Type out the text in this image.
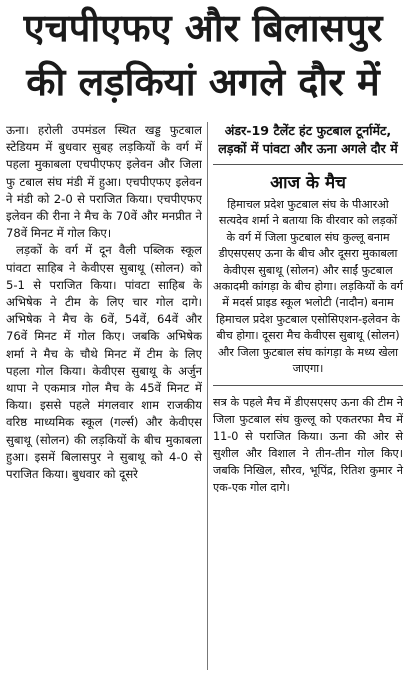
एचपीएफए और बिलासपुर
की लड़कियां अगले दौर में

ऊना। हरोली उपमंडल स्थित खड्ड फुटबाल स्टेडियम में बुधवार सुबह लड़कियों के वर्ग में पहला मुकाबला एचपीएफए इलेवन और जिला फु टबाल संघ मंडी में हुआ। एचपीएफए इलेवन ने मंडी को 2-0 से पराजित किया। एचपीएफए इलेवन की रीना ने मैच के 70वें और मनप्रीत ने 78वें मिनट में गोल किए।

लड़कों के वर्ग में दून वैली पब्लिक स्कूल पांवटा साहिब ने केवीएस सुबाथू (सोलन) को 5-1 से पराजित किया। पांवटा साहिब के अभिषेक ने टीम के लिए चार गोल दागे। अभिषेक ने मैच के 6वें, 54वें, 64वें और 76वें मिनट में गोल किए। जबकि अभिषेक शर्मा ने मैच के चौथे मिनट में टीम के लिए पहला गोल किया। केवीएस सुबाथू के अर्जुन थापा ने एकमात्र गोल मैच के 45वें मिनट में किया। इससे पहले मंगलवार शाम राजकीय वरिष्ठ माध्यमिक स्कूल (गर्ल्स) और केवीएस सुबाथू (सोलन) की लड़कियों के बीच मुकाबला हुआ। इसमें बिलासपुर ने सुबाथू को 4-0 से पराजित किया। बुधवार को दूसरे

अंडर-19 टैलेंट हंट फुटबाल टूर्नामेंट, लड़कों में पांवटा और ऊना अगले दौर में
आज के मैच
हिमाचल प्रदेश फुटबाल संघ के पीआरओ सत्यदेव शर्मा ने बताया कि वीरवार को लड़कों के वर्ग में जिला फुटबाल संघ कुल्लू बनाम डीएसएसए ऊना के बीच और दूसरा मुकाबला केवीएस सुबाथू (सोलन) और साईं फुटबाल अकादमी कांगड़ा के बीच होगा। लड़कियों के वर्ग में मदर्स प्राइड स्कूल भलोटी (नादौन) बनाम हिमाचल प्रदेश फुटबाल एसोसिएशन-इलेवन के बीच होगा। दूसरा मैच केवीएस सुबाथू (सोलन) और जिला फुटबाल संघ कांगड़ा के मध्य खेला जाएगा।
सत्र के पहले मैच में डीएसएसए ऊना की टीम ने जिला फुटबाल संघ कुल्लू को एकतरफा मैच में 11-0 से पराजित किया। ऊना की ओर से सुशील और विशाल ने तीन-तीन गोल किए। जबकि निखिल, सौरव, भूपिंद्र, रितिश कुमार ने एक-एक गोल दागे।
